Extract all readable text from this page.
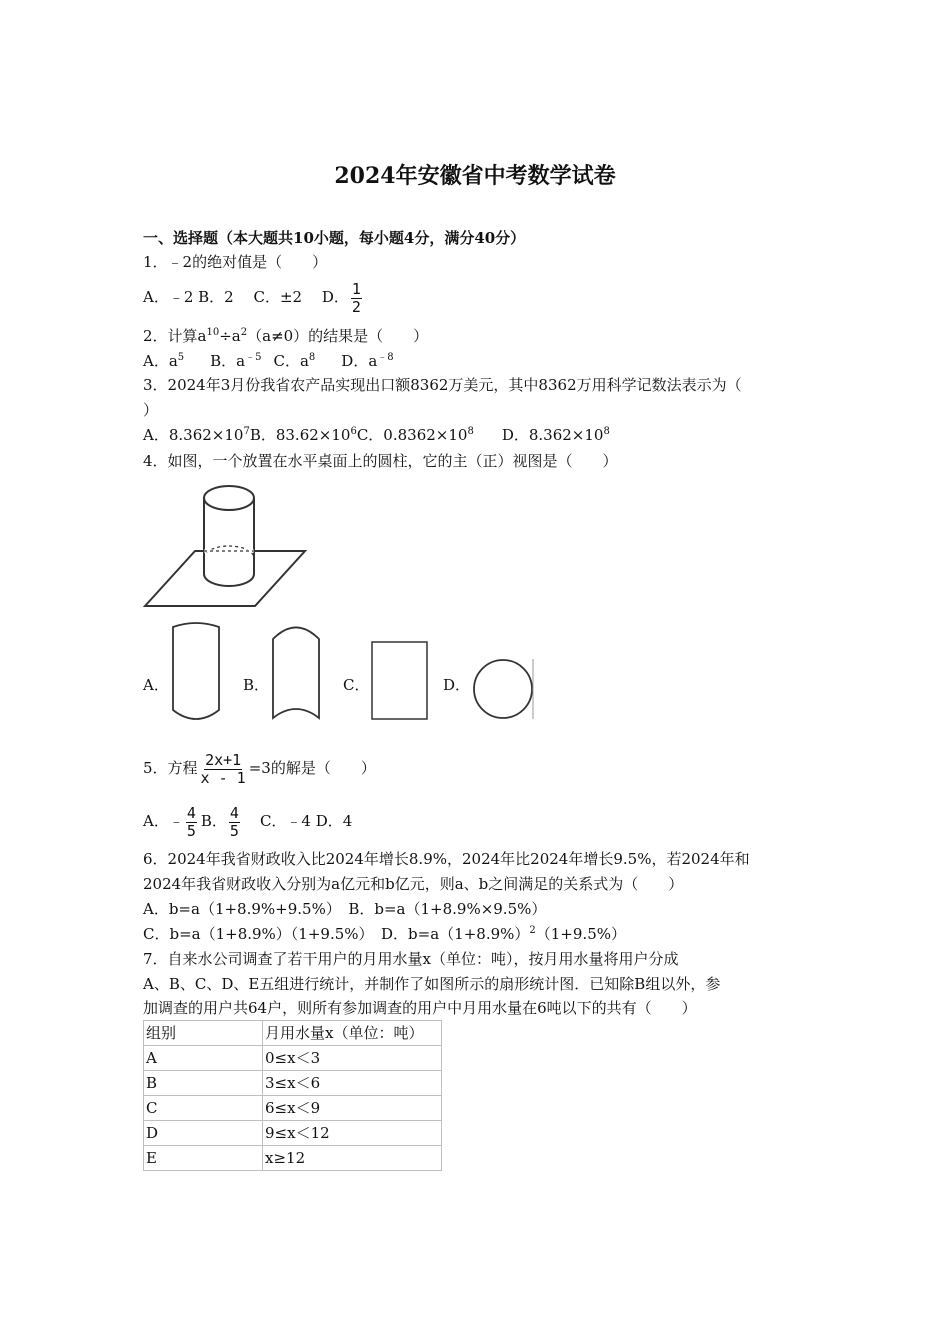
2024年安徽省中考数学试卷
一、选择题（本大题共10小题，每小题4分，满分40分）
1．﹣2的绝对值是（　　）
A．﹣2 B．2　 C．±2　 D． $\frac{1}{2}$
2．计算$a^{10}\div a^2(a\ne 0)$的结果是（　　）
A．$a^5$ B．$a^{﹣5}$ C．$a^8$ D．$a^{﹣8}$
3．2024年3月份我省农产品实现出口额8362万美元，其中8362万用科学记数法表示为（
）
A．$8.362\times 10^7B$．$83.62\times 10^6C$．$0.8362\times 10^8$ D．$8.362\times 10^8$
4．如图，一个放置在水平桌面上的圆柱，它的主（正）视图是（　　）
A．	B．	C．	D．
5．方程 $\frac{2x+1}{x - 1} =3$的解是（　　）
A．﹣ $\frac{4}{5}$ B． $\frac{4}{5}$ C．﹣4 D．4
6．2024年我省财政收入比2024年增长8.9%，2024年比2024年增长9.5%，若2024年和
2024年我省财政收入分别为a亿元和b亿元，则a、b之间满足的关系式为（　　）
A．b=a（1+8.9%+9.5%）　B．b=a（1+8.9%×9.5%）
C．b=a（1+8.9%）（1+9.5%）　D．$b=a(1+8.9\%)^2(1+9.5\%)$
7．自来水公司调查了若干用户的月用水量x（单位：吨），按月用水量将用户分成
A、B、C、D、E五组进行统计，并制作了如图所示的扇形统计图．已知除B组以外，参
加调查的用户共64户，则所有参加调查的用户中月用水量在6吨以下的共有（　　）
组别	月用水量x（单位：吨）
A	0≤x＜3
B	3≤x＜6
C	6≤x＜9
D	9≤x＜12
E	x≥12
